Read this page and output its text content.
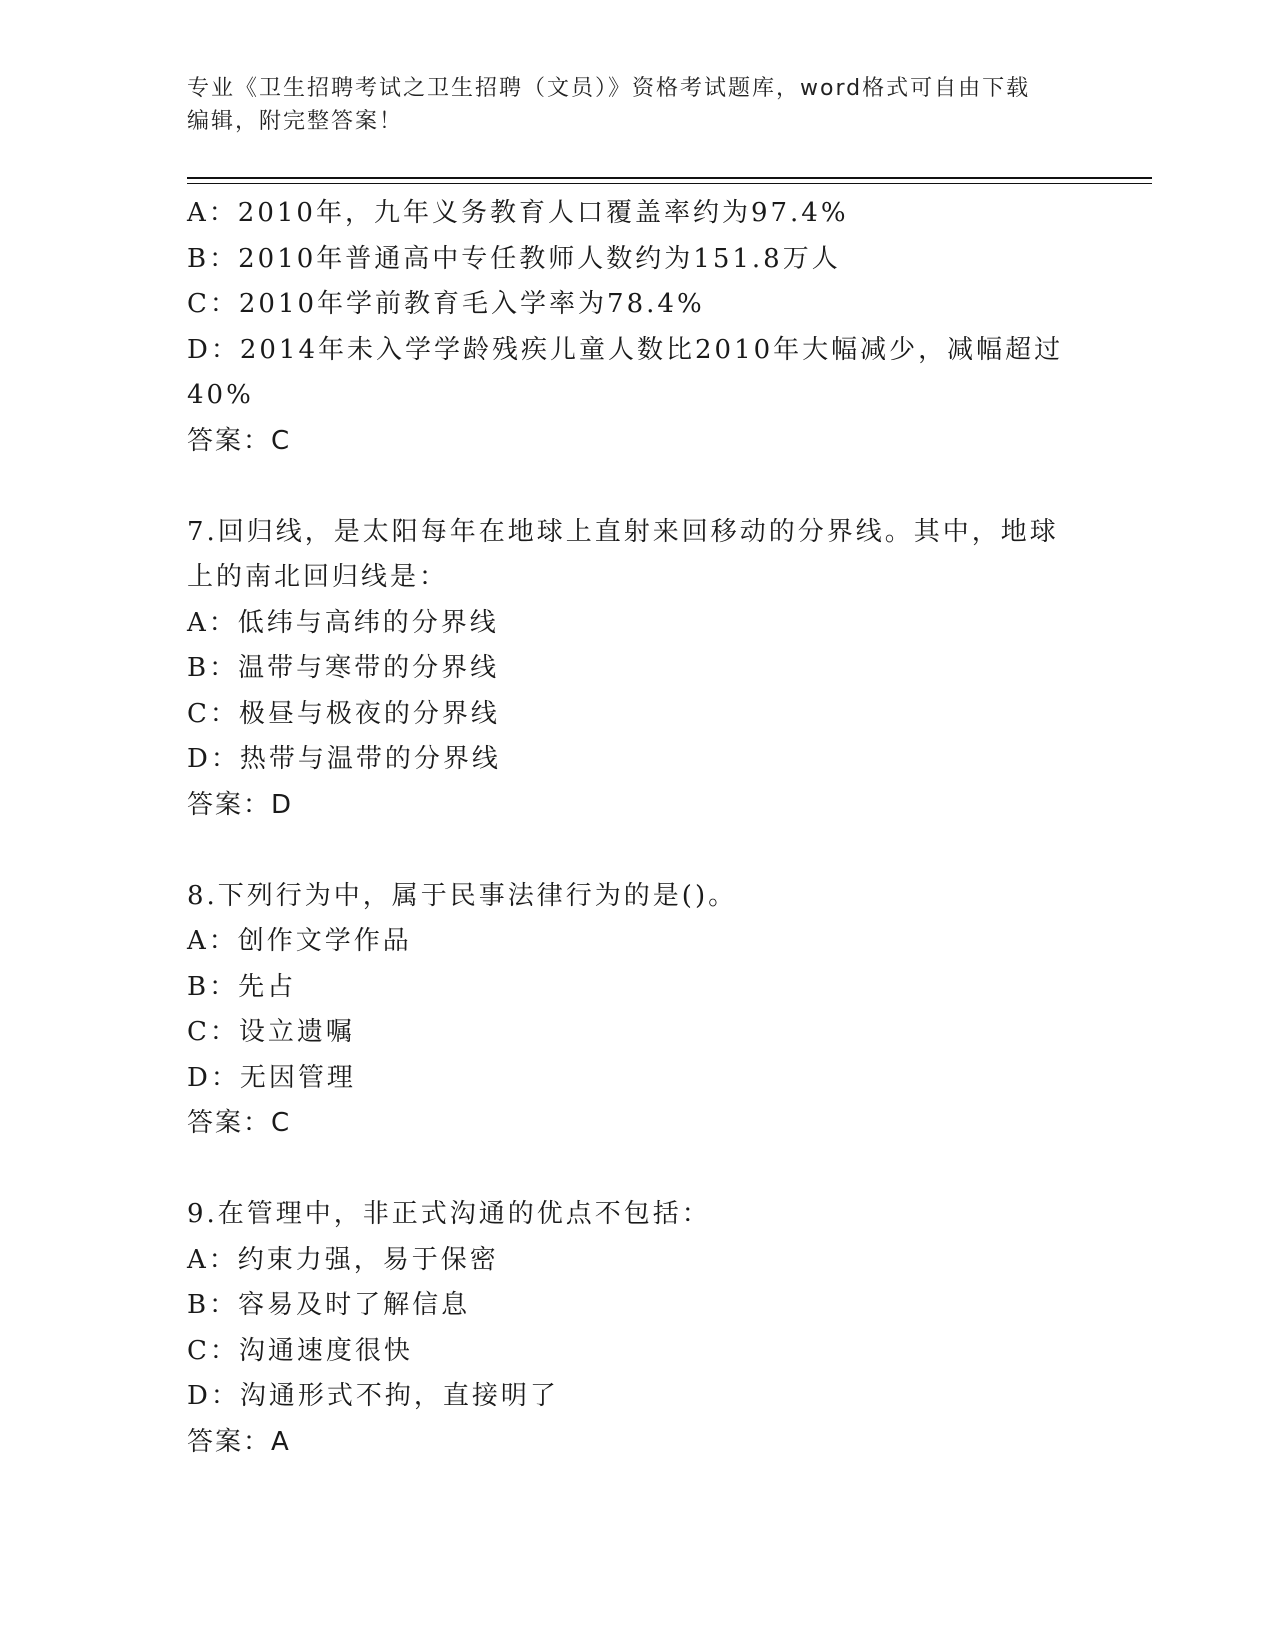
专业《卫生招聘考试之卫生招聘（文员）》资格考试题库，word格式可自由下载
编辑，附完整答案！
A：2010年，九年义务教育人口覆盖率约为97.4%
B：2010年普通高中专任教师人数约为151.8万人
C：2010年学前教育毛入学率为78.4%
D：2014年未入学学龄残疾儿童人数比2010年大幅减少，减幅超过
40%
答案：C
7.回归线，是太阳每年在地球上直射来回移动的分界线。其中，地球
上的南北回归线是：
A：低纬与高纬的分界线
B：温带与寒带的分界线
C：极昼与极夜的分界线
D：热带与温带的分界线
答案：D
8.下列行为中，属于民事法律行为的是()。
A：创作文学作品
B：先占
C：设立遗嘱
D：无因管理
答案：C
9.在管理中，非正式沟通的优点不包括：
A：约束力强，易于保密
B：容易及时了解信息
C：沟通速度很快
D：沟通形式不拘，直接明了
答案：A
